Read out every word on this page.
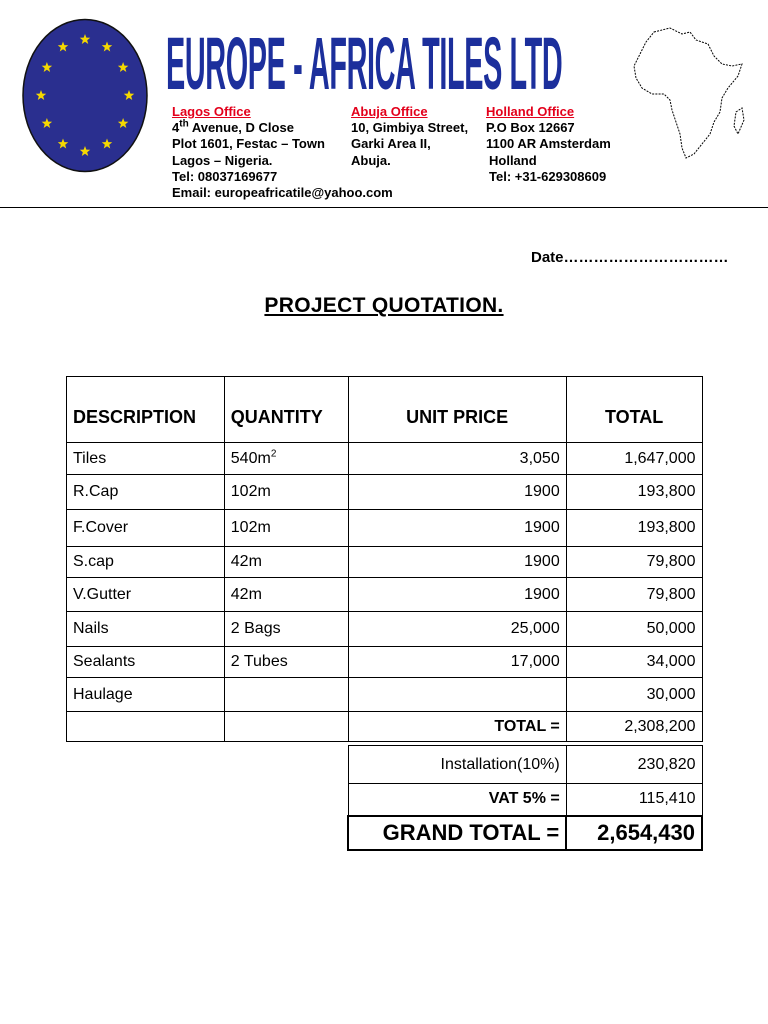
EUROPE - AFRICA TILES LTD
Lagos Office
4th Avenue, D Close
Plot 1601, Festac – Town
Lagos – Nigeria.
Tel: 08037169677
Email: europeafricatile@yahoo.com
Abuja Office
10, Gimbiya Street,
Garki Area II,
Abuja.
Holland Office
P.O Box 12667
1100 AR Amsterdam
Holland
Tel: +31-629308609
Date……………………………
PROJECT QUOTATION.
DESCRIPTION	QUANTITY	UNIT PRICE	TOTAL
Tiles	$540m^2$	3,050	1,647,000
R.Cap	102m	1900	193,800
F.Cover	102m	1900	193,800
S.cap	42m	1900	79,800
V.Gutter	42m	1900	79,800
Nails	2 Bags	25,000	50,000
Sealants	2 Tubes	17,000	34,000
Haulage			30,000
		TOTAL =	2,308,200

		Installation(10%)	230,820
		VAT 5% =	115,410
		GRAND TOTAL =	2,654,430
